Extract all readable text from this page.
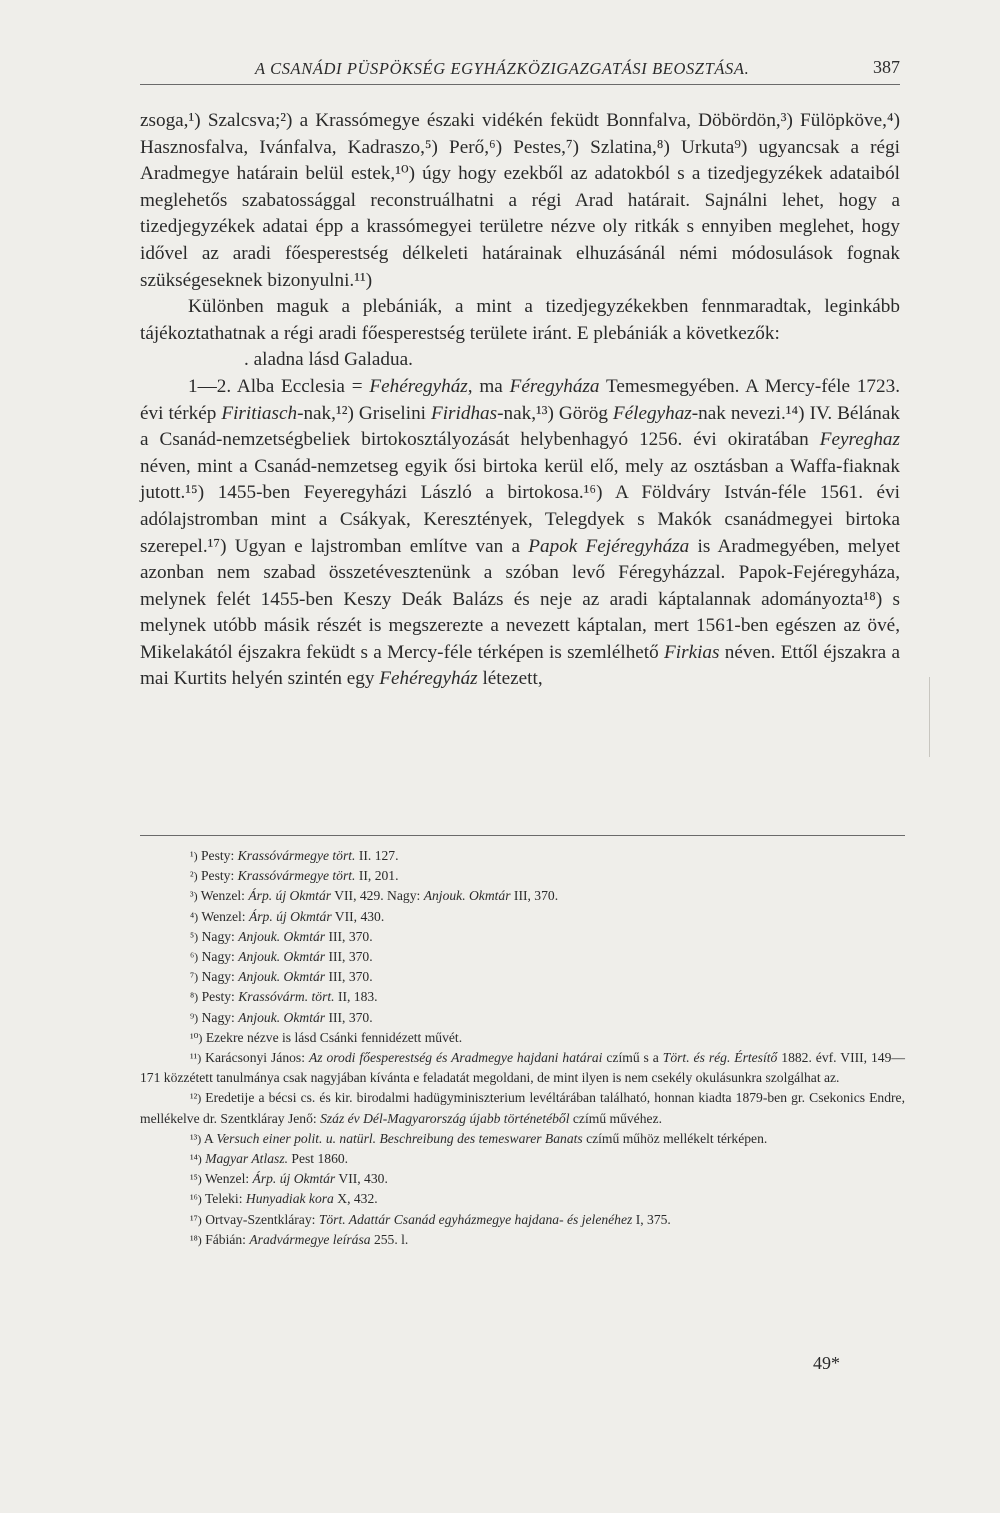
A CSANÁDI PÜSPÖKSÉG EGYHÁZKÖZIGAZGATÁSI BEOSZTÁSA.	387

zsoga,¹) Szalcsva;²) a Krassómegye északi vidékén feküdt Bonnfalva, Döbördön,³) Fülöpköve,⁴) Hasznosfalva, Ivánfalva, Kadraszo,⁵) Perő,⁶) Pestes,⁷) Szlatina,⁸) Urkuta⁹) ugyancsak a régi Aradmegye határain belül estek,¹⁰) úgy hogy ezekből az adatokból s a tizedjegyzékek adataiból meglehetős szabatossággal reconstruálhatni a régi Arad határait. Sajnálni lehet, hogy a tizedjegyzékek adatai épp a krassómegyei területre nézve oly ritkák s ennyiben meglehet, hogy idővel az aradi főesperestség délkeleti határainak elhuzásánál némi módosulások fognak szükségeseknek bizonyulni.¹¹)

Különben maguk a plebániák, a mint a tizedjegyzékekben fennmaradtak, leginkább tájékoztathatnak a régi aradi főesperestség területe iránt. E plebániák a következők:

. aladna lásd Galadua.

1—2. Alba Ecclesia = Fehéregyház, ma Féregyháza Temesmegyében. A Mercy-féle 1723. évi térkép Firitiasch-nak,¹²) Griselini Firidhas-nak,¹³) Görög Félegyhaz-nak nevezi.¹⁴) IV. Bélának a Csanád-nemzetségbeliek birtokosztályozását helybenhagyó 1256. évi okiratában Feyreghaz néven, mint a Csanád-nemzetseg egyik ősi birtoka kerül elő, mely az osztásban a Waffa-fiaknak jutott.¹⁵) 1455-ben Feyeregyházi László a birtokosa.¹⁶) A Földváry István-féle 1561. évi adólajstromban mint a Csákyak, Keresztények, Telegdyek s Makók csanádmegyei birtoka szerepel.¹⁷) Ugyan e lajstromban említve van a Papok Fejéregyháza is Aradmegyében, melyet azonban nem szabad összetévesztenünk a szóban levő Féregyházzal. Papok-Fejéregyháza, melynek felét 1455-ben Keszy Deák Balázs és neje az aradi káptalannak adományozta¹⁸) s melynek utóbb másik részét is megszerezte a nevezett káptalan, mert 1561-ben egészen az övé, Mikelakától éjszakra feküdt s a Mercy-féle térképen is szemlélhető Firkias néven. Ettől éjszakra a mai Kurtits helyén szintén egy Fehéregyház létezett,

¹) Pesty: Krassóvármegye tört. II. 127.

²) Pesty: Krassóvármegye tört. II, 201.

³) Wenzel: Árp. új Okmtár VII, 429. Nagy: Anjouk. Okmtár III, 370.

⁴) Wenzel: Árp. új Okmtár VII, 430.

⁵) Nagy: Anjouk. Okmtár III, 370.

⁶) Nagy: Anjouk. Okmtár III, 370.

⁷) Nagy: Anjouk. Okmtár III, 370.

⁸) Pesty: Krassóvárm. tört. II, 183.

⁹) Nagy: Anjouk. Okmtár III, 370.

¹⁰) Ezekre nézve is lásd Csánki fennidézett művét.

¹¹) Karácsonyi János: Az orodi főesperestség és Aradmegye hajdani határai czímű s a Tört. és rég. Értesítő 1882. évf. VIII, 149—171 közzétett tanulmánya csak nagyjában kívánta e feladatát megoldani, de mint ilyen is nem csekély okulásunkra szolgálhat az.

¹²) Eredetije a bécsi cs. és kir. birodalmi hadügyminiszterium levéltárában található, honnan kiadta 1879-ben gr. Csekonics Endre, mellékelve dr. Szentkláray Jenő: Száz év Dél-Magyarország újabb történetéből czímű művéhez.

¹³) A Versuch einer polit. u. natürl. Beschreibung des temeswarer Banats czímű műhöz mellékelt térképen.

¹⁴) Magyar Atlasz. Pest 1860.

¹⁵) Wenzel: Árp. új Okmtár VII, 430.

¹⁶) Teleki: Hunyadiak kora X, 432.

¹⁷) Ortvay-Szentkláray: Tört. Adattár Csanád egyházmegye hajdana- és jelenéhez I, 375.

¹⁸) Fábián: Aradvármegye leírása 255. l.

49*
